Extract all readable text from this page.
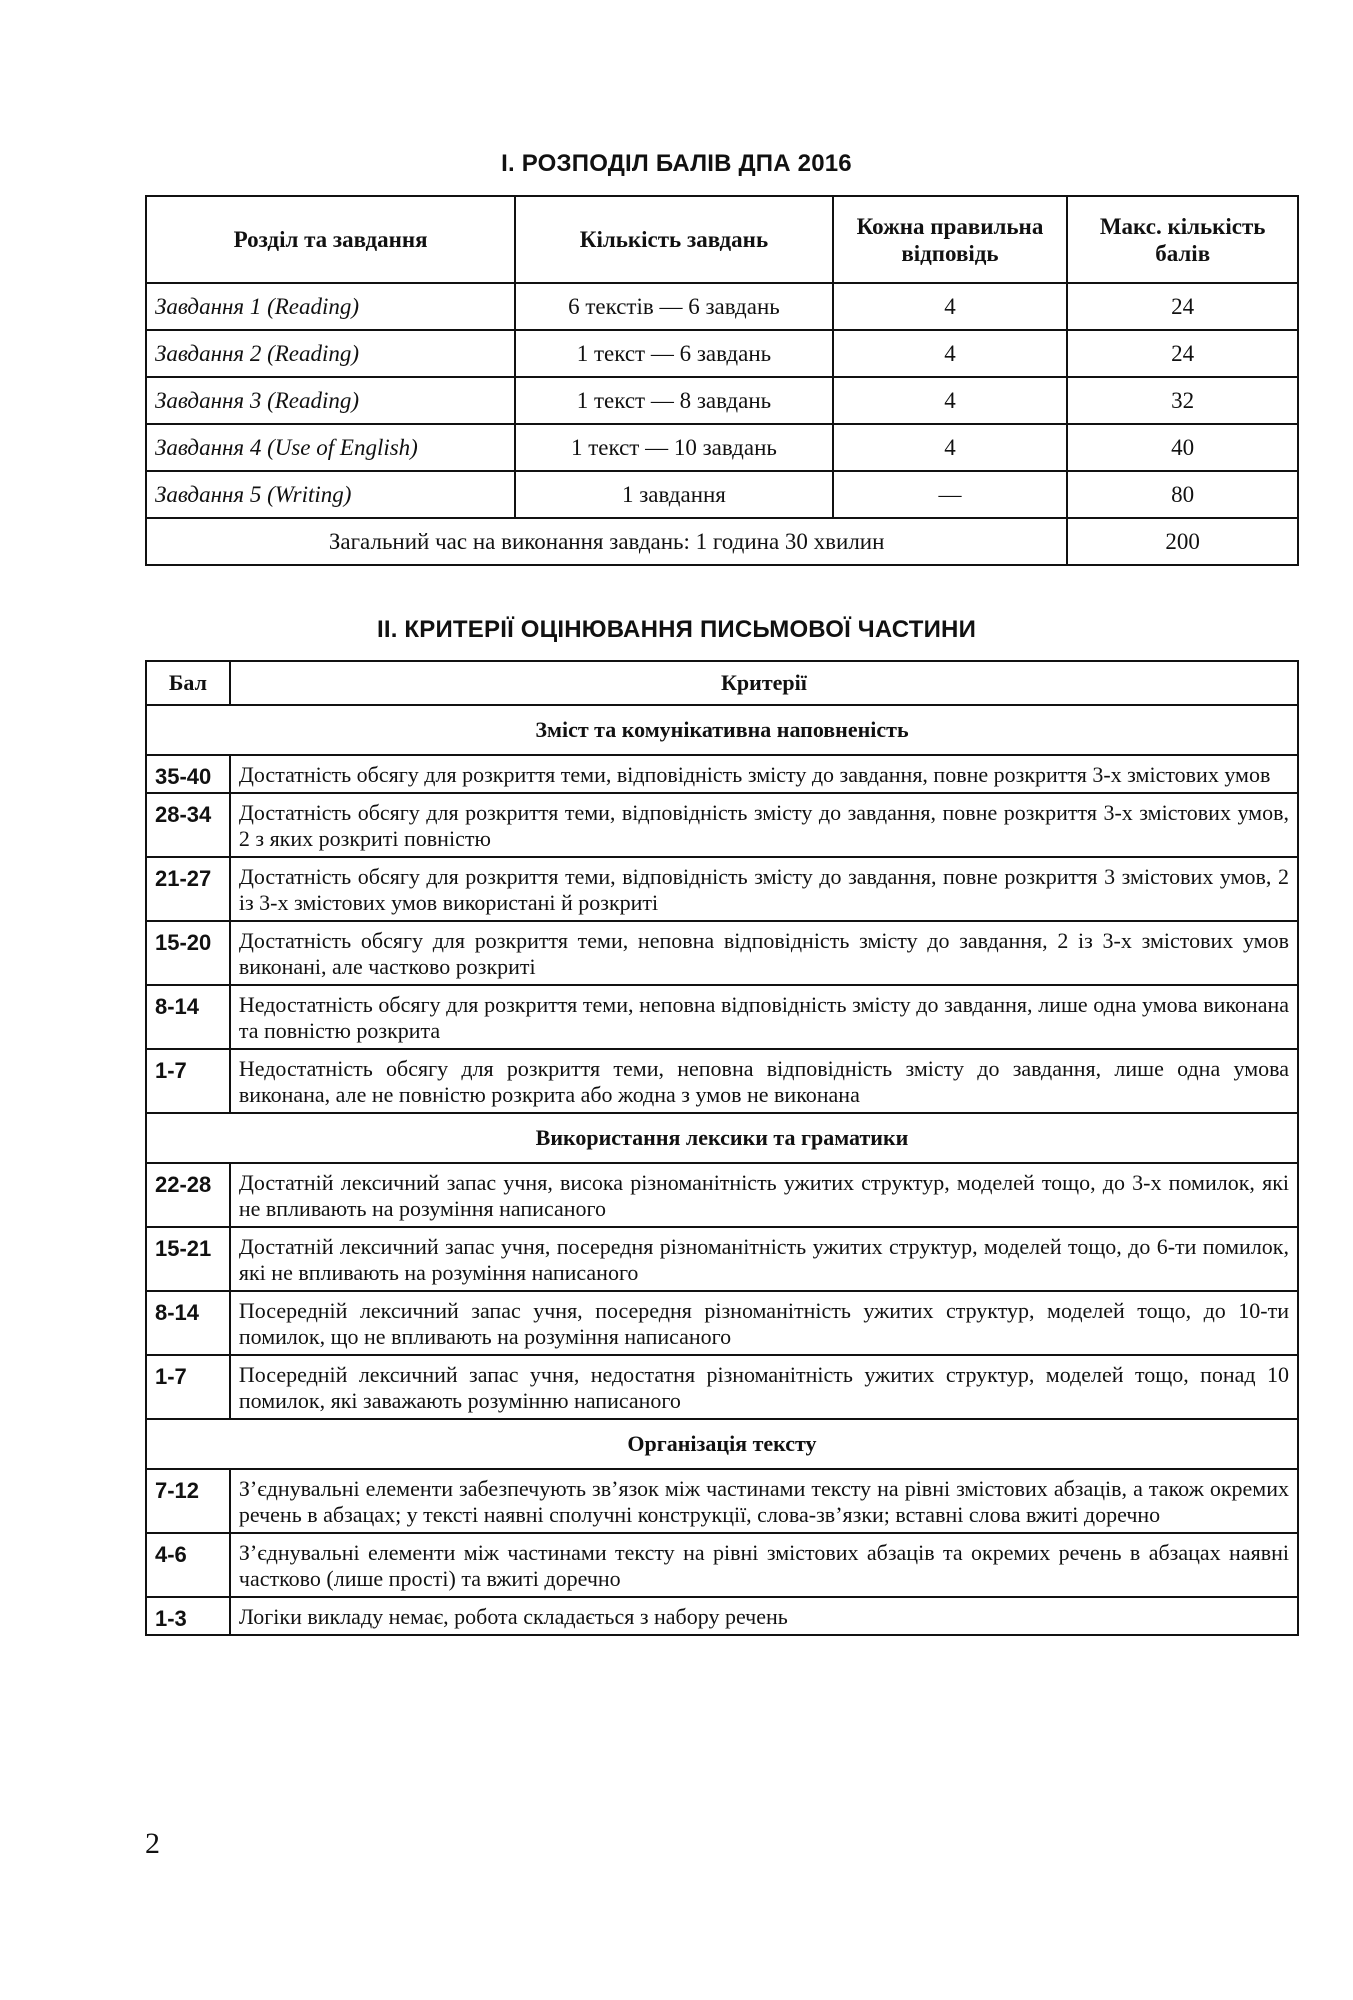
І. РОЗПОДІЛ БАЛІВ ДПА 2016
Розділ та завдання	Кількість завдань	Кожна правильна відповідь	Макс. кількість балів
Завдання 1 (Reading)	6 текстів — 6 завдань	4	24
Завдання 2 (Reading)	1 текст — 6 завдань	4	24
Завдання 3 (Reading)	1 текст — 8 завдань	4	32
Завдання 4 (Use of English)	1 текст — 10 завдань	4	40
Завдання 5 (Writing)	1 завдання	—	80
Загальний час на виконання завдань: 1 година 30 хвилин			200
ІІ. КРИТЕРІЇ ОЦІНЮВАННЯ ПИСЬМОВОЇ ЧАСТИНИ
Бал	Критерії
Зміст та комунікативна наповненість	
35-40	Достатність обсягу для розкриття теми, відповідність змісту до завдання, повне розкриття 3-х змістових умов
28-34	Достатність обсягу для розкриття теми, відповідність змісту до завдання, повне розкриття 3-х змістових умов, 2 з яких розкриті повністю
21-27	Достатність обсягу для розкриття теми, відповідність змісту до завдання, повне розкриття 3 змістових умов, 2 із 3-х змістових умов використані й розкриті
15-20	Достатність обсягу для розкриття теми, неповна відповідність змісту до завдання, 2 із 3-х змістових умов виконані, але частково розкриті
8-14	Недостатність обсягу для розкриття теми, неповна відповідність змісту до завдання, лише одна умова виконана та повністю розкрита
1-7	Недостатність обсягу для розкриття теми, неповна відповідність змісту до завдання, лише одна умова виконана, але не повністю розкрита або жодна з умов не виконана
Використання лексики та граматики	
22-28	Достатній лексичний запас учня, висока різноманітність ужитих структур, моделей тощо, до 3-х помилок, які не впливають на розуміння написаного
15-21	Достатній лексичний запас учня, посередня різноманітність ужитих структур, моделей тощо, до 6-ти помилок, які не впливають на розуміння написаного
8-14	Посередній лексичний запас учня, посередня різноманітність ужитих структур, моделей тощо, до 10-ти помилок, що не впливають на розуміння написаного
1-7	Посередній лексичний запас учня, недостатня різноманітність ужитих структур, моделей тощо, понад 10 помилок, які заважають розумінню написаного
Організація тексту	
7-12	З’єднувальні елементи забезпечують зв’язок між частинами тексту на рівні змістових абзаців, а також окремих речень в абзацах; у тексті наявні сполучні конструкції, слова-зв’язки; вставні слова вжиті доречно
4-6	З’єднувальні елементи між частинами тексту на рівні змістових абзаців та окремих речень в абзацах наявні частково (лише прості) та вжиті доречно
1-3	Логіки викладу немає, робота складається з набору речень
2
